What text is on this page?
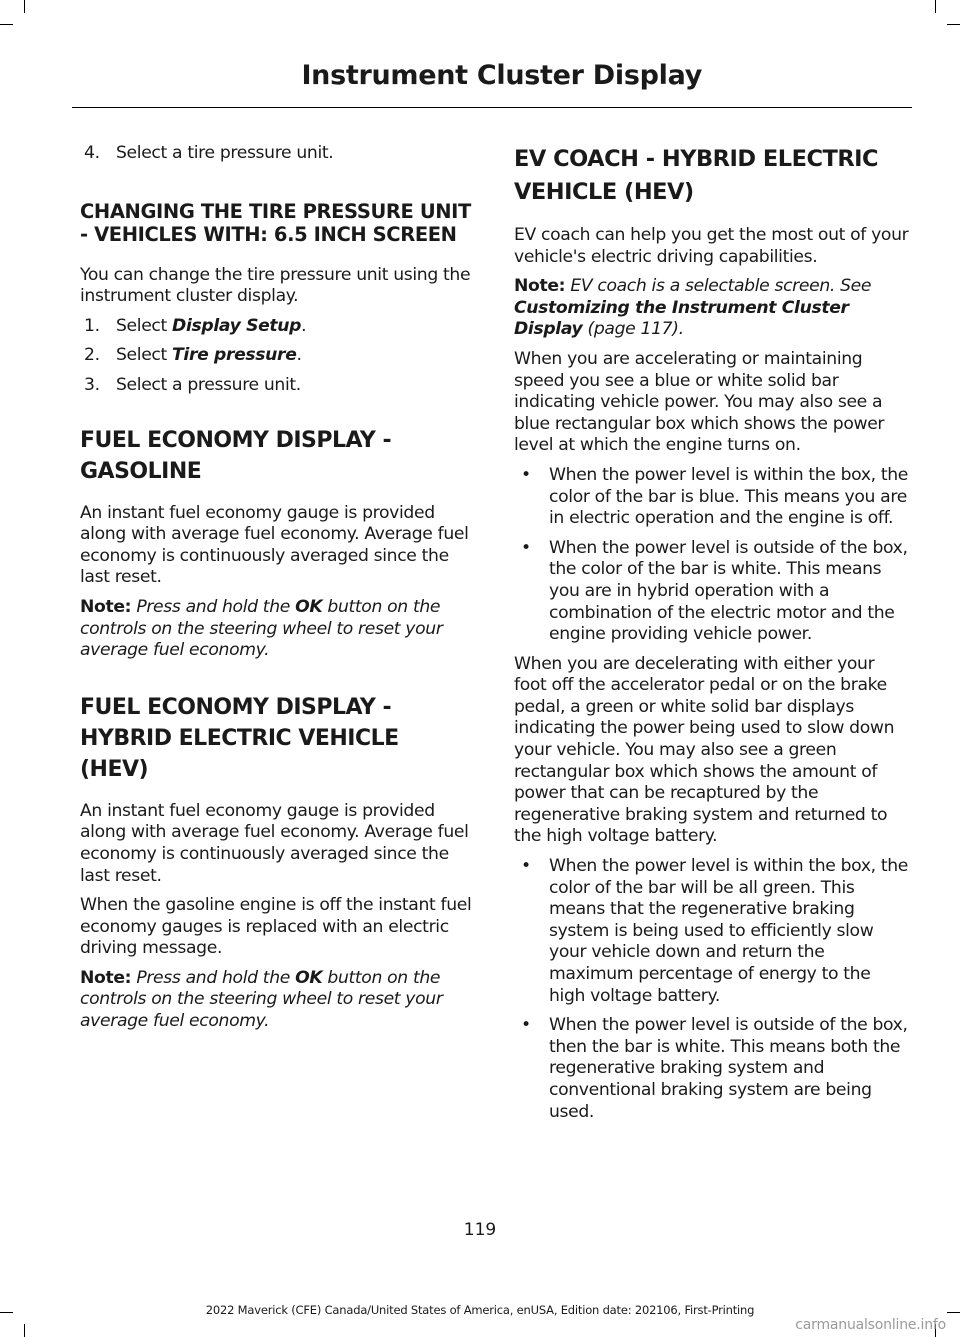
Instrument Cluster Display
4. Select a tire pressure unit.
CHANGING THE TIRE PRESSURE UNIT - VEHICLES WITH: 6.5 INCH SCREEN

You can change the tire pressure unit using the instrument cluster display.

1. Select Display Setup.
2. Select Tire pressure.
3. Select a pressure unit.
FUEL ECONOMY DISPLAY -
GASOLINE

An instant fuel economy gauge is provided along with average fuel economy. Average fuel economy is continuously averaged since the last reset.

Note: Press and hold the OK button on the controls on the steering wheel to reset your average fuel economy.

FUEL ECONOMY DISPLAY -
HYBRID ELECTRIC VEHICLE
(HEV)

An instant fuel economy gauge is provided along with average fuel economy. Average fuel economy is continuously averaged since the last reset.

When the gasoline engine is off the instant fuel economy gauges is replaced with an electric driving message.

Note: Press and hold the OK button on the controls on the steering wheel to reset your average fuel economy.

EV COACH - HYBRID ELECTRIC
VEHICLE (HEV)

EV coach can help you get the most out of your vehicle's electric driving capabilities.

Note: EV coach is a selectable screen. See Customizing the Instrument Cluster Display (page 117).

When you are accelerating or maintaining speed you see a blue or white solid bar indicating vehicle power. You may also see a blue rectangular box which shows the power level at which the engine turns on.

• When the power level is within the box, the color of the bar is blue. This means you are in electric operation and the engine is off.
• When the power level is outside of the box, the color of the bar is white. This means you are in hybrid operation with a combination of the electric motor and the engine providing vehicle power.

When you are decelerating with either your foot off the accelerator pedal or on the brake pedal, a green or white solid bar displays indicating the power being used to slow down your vehicle. You may also see a green rectangular box which shows the amount of power that can be recaptured by the regenerative braking system and returned to the high voltage battery.

• When the power level is within the box, the color of the bar will be all green. This means that the regenerative braking system is being used to efficiently slow your vehicle down and return the maximum percentage of energy to the high voltage battery.
• When the power level is outside of the box, then the bar is white. This means both the regenerative braking system and conventional braking system are being used.
119
2022 Maverick (CFE) Canada/United States of America, enUSA, Edition date: 202106, First-Printing
carmanualsonline.info
